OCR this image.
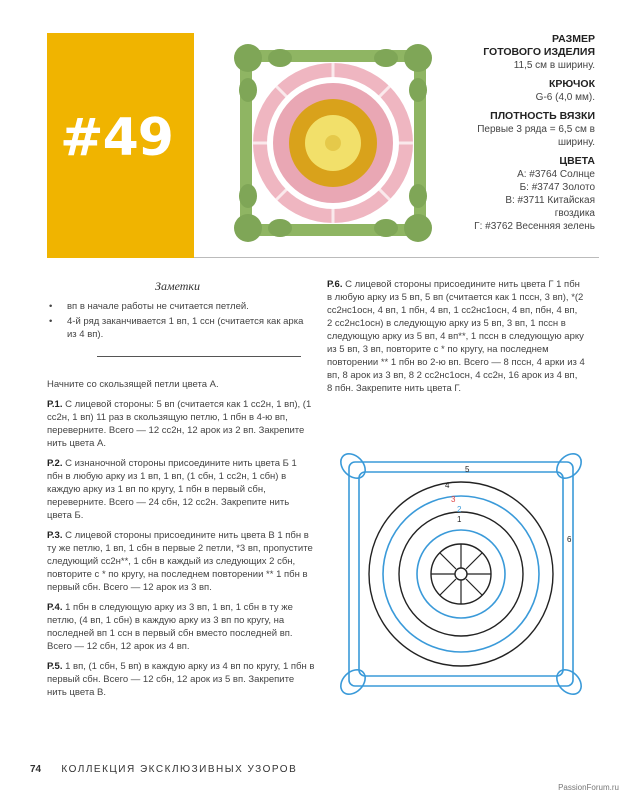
#49
РАЗМЕР
ГОТОВОГО ИЗДЕЛИЯ
11,5 см в ширину.
КРЮЧОК
G-6 (4,0 мм).
ПЛОТНОСТЬ ВЯЗКИ
Первые 3 ряда = 6,5 см в
ширину.
ЦВЕТА
А: #3764 Солнце
Б: #3747 Золото
В: #3711 Китайская
гвоздика
Г: #3762 Весенняя зелень
Заметки
• вп в начале работы не считается петлей.
• 4-й ряд заканчивается 1 вп, 1 ссн (считается как арка из 4 вп).

Начните со скользящей петли цвета А.

Р.1. С лицевой стороны: 5 вп (считается как 1 сс2н, 1 вп), (1 сс2н, 1 вп) 11 раз в скользящую петлю, 1 пбн в 4-ю вп, переверните. Всего — 12 сс2н, 12 арок из 2 вп. Закрепите нить цвета А.

Р.2. С изнаночной стороны присоедините нить цвета Б 1 пбн в любую арку из 1 вп, 1 вп, (1 сбн, 1 сс2н, 1 сбн) в каждую арку из 1 вп по кругу, 1 пбн в первый сбн, переверните. Всего — 24 сбн, 12 сс2н. Закрепите нить цвета Б.

Р.3. С лицевой стороны присоедините нить цвета В 1 пбн в ту же петлю, 1 вп, 1 сбн в первые 2 петли, *3 вп, пропустите следующий сс2н**, 1 сбн в каждый из следующих 2 сбн, повторите с * по кругу, на последнем повторении ** 1 пбн в первый сбн. Всего — 12 арок из 3 вп.

Р.4. 1 пбн в следующую арку из 3 вп, 1 вп, 1 сбн в ту же петлю, (4 вп, 1 сбн) в каждую арку из 3 вп по кругу, на последней вп 1 ссн в первый сбн вместо последней вп. Всего — 12 сбн, 12 арок из 4 вп.

Р.5. 1 вп, (1 сбн, 5 вп) в каждую арку из 4 вп по кругу, 1 пбн в первый сбн. Всего — 12 сбн, 12 арок из 5 вп. Закрепите нить цвета В.

Р.6. С лицевой стороны присоедините нить цвета Г 1 пбн в любую арку из 5 вп, 5 вп (считается как 1 пссн, 3 вп), *(2 сс2нс1осн, 4 вп, 1 пбн, 4 вп, 1 сс2нс1осн, 4 вп, пбн, 4 вп, 2 сс2нс1осн) в следующую арку из 5 вп, 3 вп, 1 пссн в следующую арку из 5 вп, 4 вп**, 1 пссн в следующую арку из 5 вп, 3 вп, повторите с * по кругу, на последнем повторении ** 1 пбн во 2-ю вп. Всего — 8 пссн, 4 арки из 4 вп, 8 арок из 3 вп, 8 2 сс2нс1осн, 4 сс2н, 16 арок из 4 вп, 8 пбн. Закрепите нить цвета Г.

5
4
3
2
1
6
74 КОЛЛЕКЦИЯ ЭКСКЛЮЗИВНЫХ УЗОРОВ
PassionForum.ru
